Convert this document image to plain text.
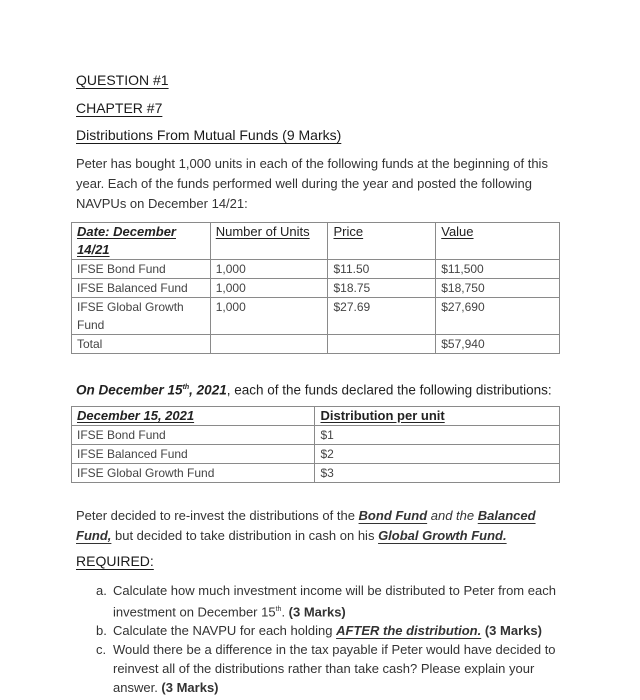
QUESTION #1
CHAPTER #7
Distributions From Mutual Funds (9 Marks)
Peter has bought 1,000 units in each of the following funds at the beginning of this year. Each of the funds performed well during the year and posted the following NAVPUs on December 14/21:
Date: December 14/21	Number of Units	Price	Value
IFSE Bond Fund	1,000	$11.50	$11,500
IFSE Balanced Fund	1,000	$18.75	$18,750
IFSE Global Growth Fund	1,000	$27.69	$27,690
Total			$57,940
On December 15th, 2021, each of the funds declared the following distributions:
December 15, 2021	Distribution per unit
IFSE Bond Fund	$1
IFSE Balanced Fund	$2
IFSE Global Growth Fund	$3
Peter decided to re-invest the distributions of the Bond Fund and the Balanced Fund, but decided to take distribution in cash on his Global Growth Fund.
REQUIRED:
a. Calculate how much investment income will be distributed to Peter from each investment on December 15th. (3 Marks)
b. Calculate the NAVPU for each holding AFTER the distribution. (3 Marks)
c. Would there be a difference in the tax payable if Peter would have decided to reinvest all of the distributions rather than take cash? Please explain your answer. (3 Marks)
